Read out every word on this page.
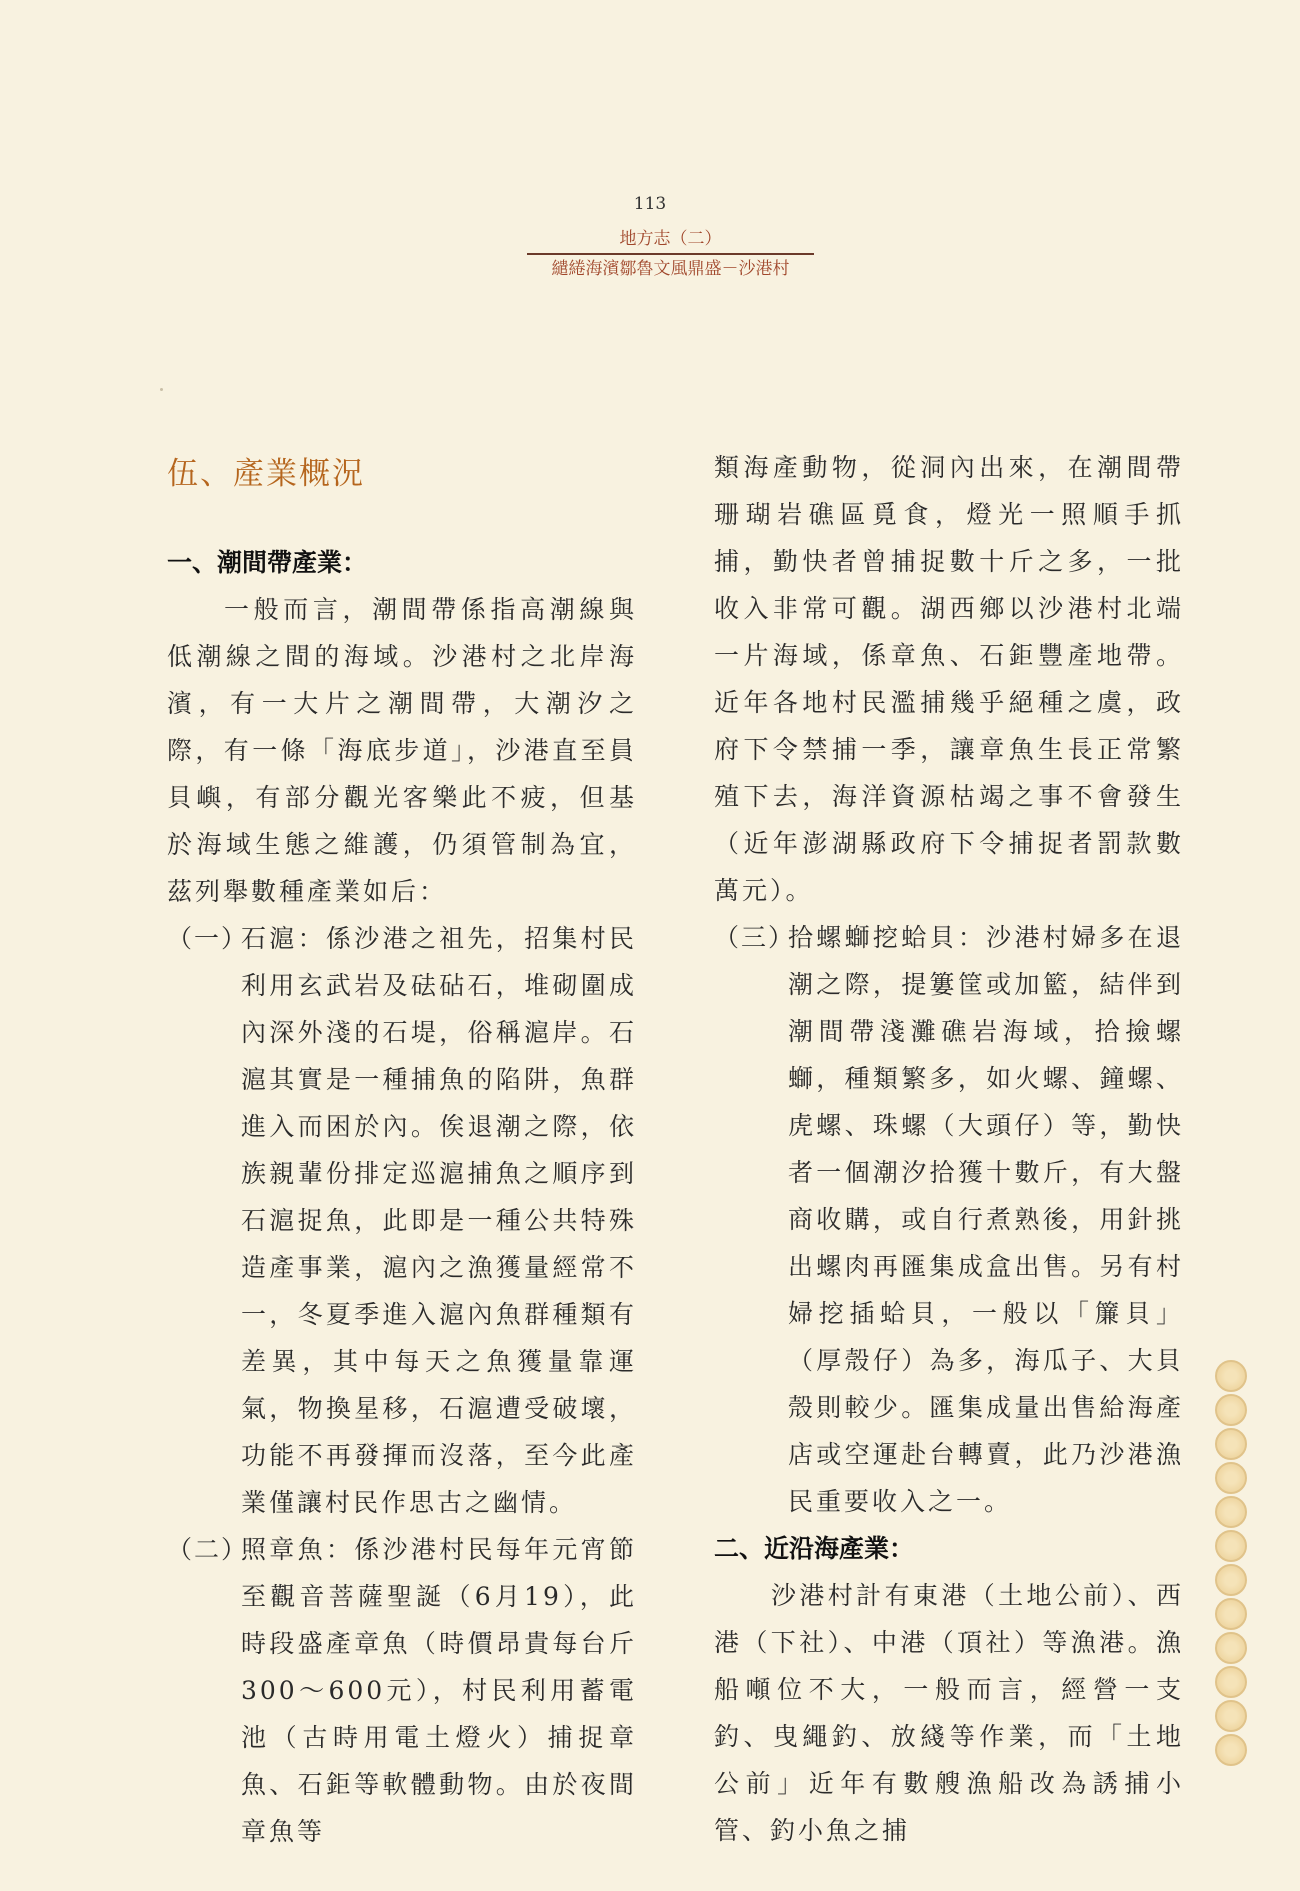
113
地方志（二）
繾綣海濱鄒魯文風鼎盛－沙港村
伍、產業概況
一、潮間帶產業：

一般而言，潮間帶係指高潮線與低潮線之間的海域。沙港村之北岸海濱，有一大片之潮間帶，大潮汐之際，有一條「海底步道」，沙港直至員貝嶼，有部分觀光客樂此不疲，但基於海域生態之維護，仍須管制為宜，茲列舉數種產業如后：

（一）

石滬：係沙港之祖先，招集村民利用玄武岩及砝砧石，堆砌圍成內深外淺的石堤，俗稱滬岸。石滬其實是一種捕魚的陷阱，魚群進入而困於內。俟退潮之際，依族親輩份排定巡滬捕魚之順序到石滬捉魚，此即是一種公共特殊造產事業，滬內之漁獲量經常不一，冬夏季進入滬內魚群種類有差異，其中每天之魚獲量靠運氣，物換星移，石滬遭受破壞，功能不再發揮而沒落，至今此產業僅讓村民作思古之幽情。

（二）

照章魚：係沙港村民每年元宵節至觀音菩薩聖誕（6月19），此時段盛產章魚（時價昂貴每台斤300～600元），村民利用蓄電池（古時用電土燈火）捕捉章魚、石鉅等軟體動物。由於夜間章魚等

類海產動物，從洞內出來，在潮間帶珊瑚岩礁區覓食，燈光一照順手抓捕，勤快者曾捕捉數十斤之多，一批收入非常可觀。湖西鄉以沙港村北端一片海域，係章魚、石鉅豐產地帶。近年各地村民濫捕幾乎絕種之虞，政府下令禁捕一季，讓章魚生長正常繁殖下去，海洋資源枯竭之事不會發生（近年澎湖縣政府下令捕捉者罰款數萬元）。

（三）

拾螺螄挖蛤貝：沙港村婦多在退潮之際，提簍筐或加籃，結伴到潮間帶淺灘礁岩海域，拾撿螺螄，種類繁多，如火螺、鐘螺、虎螺、珠螺（大頭仔）等，勤快者一個潮汐拾獲十數斤，有大盤商收購，或自行煮熟後，用針挑出螺肉再匯集成盒出售。另有村婦挖插蛤貝，一般以「簾貝」（厚殼仔）為多，海瓜子、大貝殼則較少。匯集成量出售給海產店或空運赴台轉賣，此乃沙港漁民重要收入之一。

二、近沿海產業：

沙港村計有東港（土地公前）、西港（下社）、中港（頂社）等漁港。漁船噸位不大，一般而言，經營一支釣、曳繩釣、放綫等作業，而「土地公前」近年有數艘漁船改為誘捕小管、釣小魚之捕
